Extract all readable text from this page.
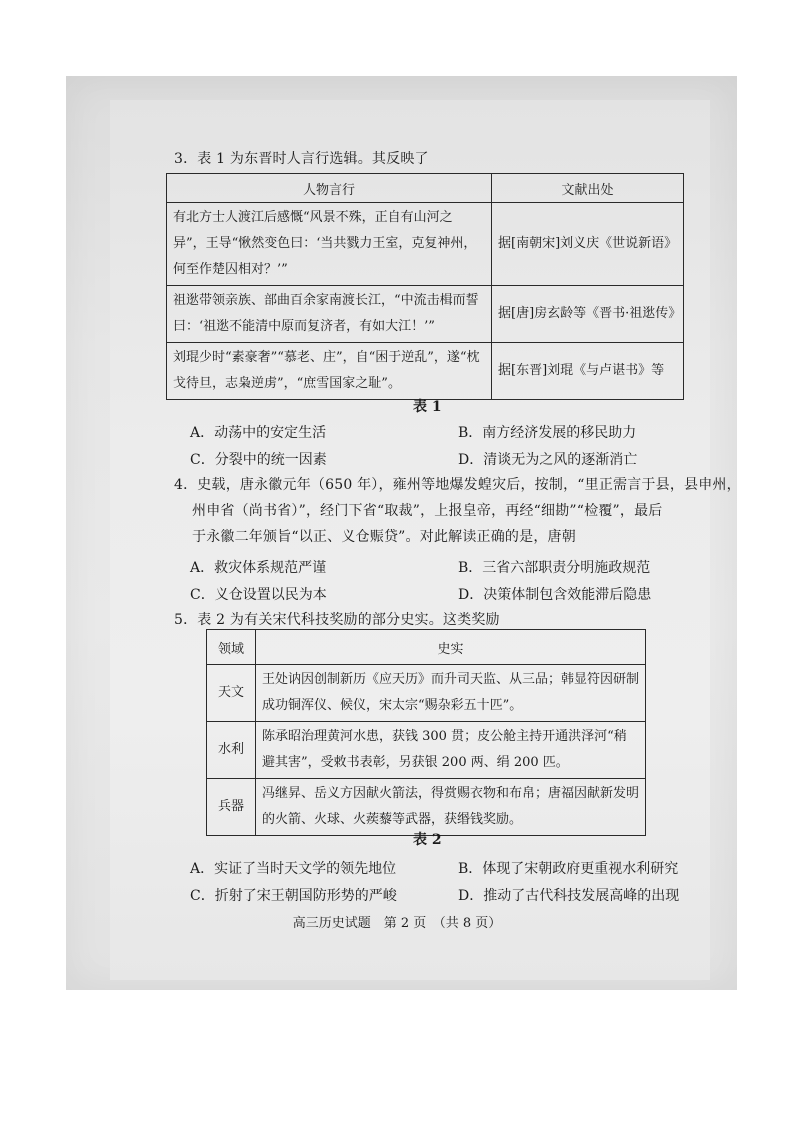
3．表 1 为东晋时人言行选辑。其反映了
人物言行	文献出处
有北方士人渡江后感慨“风景不殊，正自有山河之异”，王导“愀然变色曰：‘当共戮力王室，克复神州，何至作楚囚相对？’”	据[南朝宋]刘义庆《世说新语》
祖逖带领亲族、部曲百余家南渡长江，“中流击楫而誓曰：‘祖逖不能清中原而复济者，有如大江！’”	据[唐]房玄龄等《晋书·祖逖传》
刘琨少时“素豪奢”“慕老、庄”，自“困于逆乱”，遂“枕戈待旦，志枭逆虏”，“庶雪国家之耻”。	据[东晋]刘琨《与卢谌书》等
表 1
A．动荡中的安定生活	B．南方经济发展的移民助力
C．分裂中的统一因素	D．清谈无为之风的逐渐消亡
4．史载，唐永徽元年（650 年），雍州等地爆发蝗灾后，按制，“里正需言于县，县申州，
州申省（尚书省）”，经门下省“取裁”，上报皇帝，再经“细勘”“检覆”，最后
于永徽二年颁旨“以正、义仓赈贷”。对此解读正确的是，唐朝
A．救灾体系规范严谨	B．三省六部职责分明施政规范
C．义仓设置以民为本	D．决策体制包含效能滞后隐患
5．表 2 为有关宋代科技奖励的部分史实。这类奖励
领域	史实
天文	王处讷因创制新历《应天历》而升司天监、从三品；韩显符因研制成功铜浑仪、候仪，宋太宗“赐杂彩五十匹”。
水利	陈承昭治理黄河水患，获钱 300 贯；皮公舱主持开通洪泽河“稍避其害”，受敕书表彰，另获银 200 两、绢 200 匹。
兵器	冯继昇、岳义方因献火箭法，得赏赐衣物和布帛；唐福因献新发明的火箭、火球、火蒺藜等武器，获缗钱奖励。
表 2
A．实证了当时天文学的领先地位	B．体现了宋朝政府更重视水利研究
C．折射了宋王朝国防形势的严峻	D．推动了古代科技发展高峰的出现
高三历史试题　第 2 页　（共 8 页）
